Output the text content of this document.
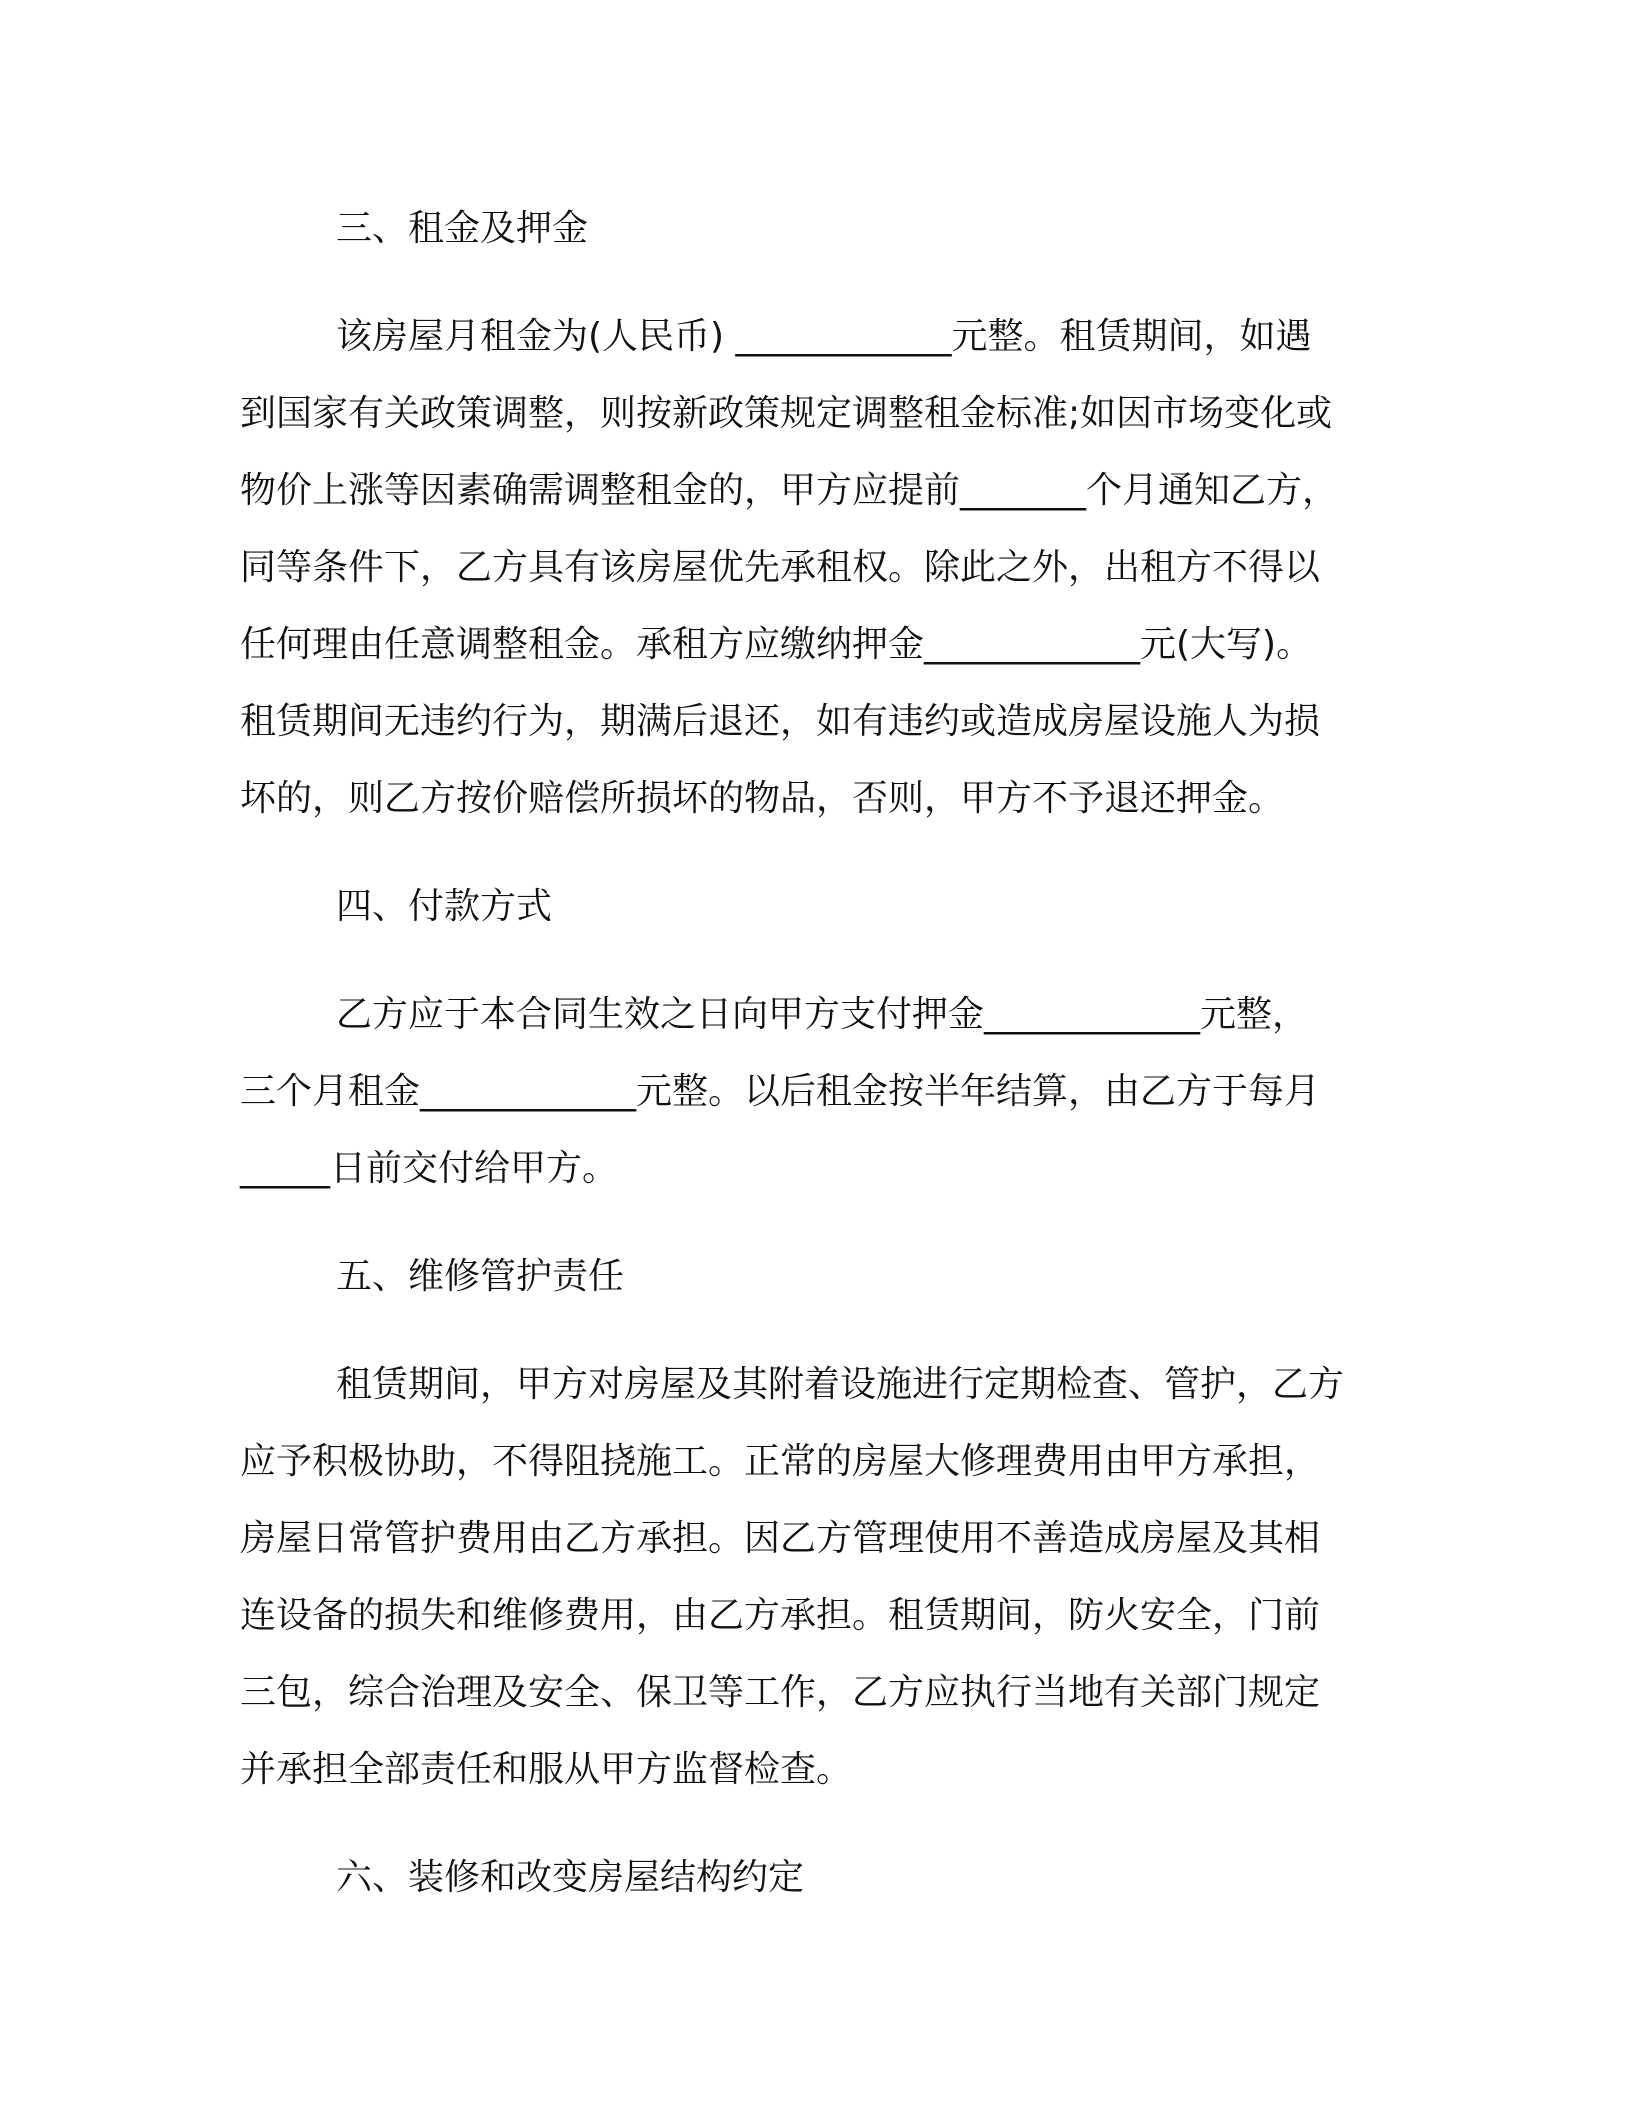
三、租金及押金

该房屋月租金为(人民币) ____________元整。租赁期间，如遇
到国家有关政策调整，则按新政策规定调整租金标准;如因市场变化或
物价上涨等因素确需调整租金的，甲方应提前_______个月通知乙方，
同等条件下，乙方具有该房屋优先承租权。除此之外，出租方不得以
任何理由任意调整租金。承租方应缴纳押金____________元(大写)。
租赁期间无违约行为，期满后退还，如有违约或造成房屋设施人为损
坏的，则乙方按价赔偿所损坏的物品，否则，甲方不予退还押金。

四、付款方式

乙方应于本合同生效之日向甲方支付押金____________元整，
三个月租金____________元整。以后租金按半年结算，由乙方于每月
_____日前交付给甲方。

五、维修管护责任

租赁期间，甲方对房屋及其附着设施进行定期检查、管护，乙方
应予积极协助，不得阻挠施工。正常的房屋大修理费用由甲方承担，
房屋日常管护费用由乙方承担。因乙方管理使用不善造成房屋及其相
连设备的损失和维修费用，由乙方承担。租赁期间，防火安全，门前
三包，综合治理及安全、保卫等工作，乙方应执行当地有关部门规定
并承担全部责任和服从甲方监督检查。

六、装修和改变房屋结构约定
